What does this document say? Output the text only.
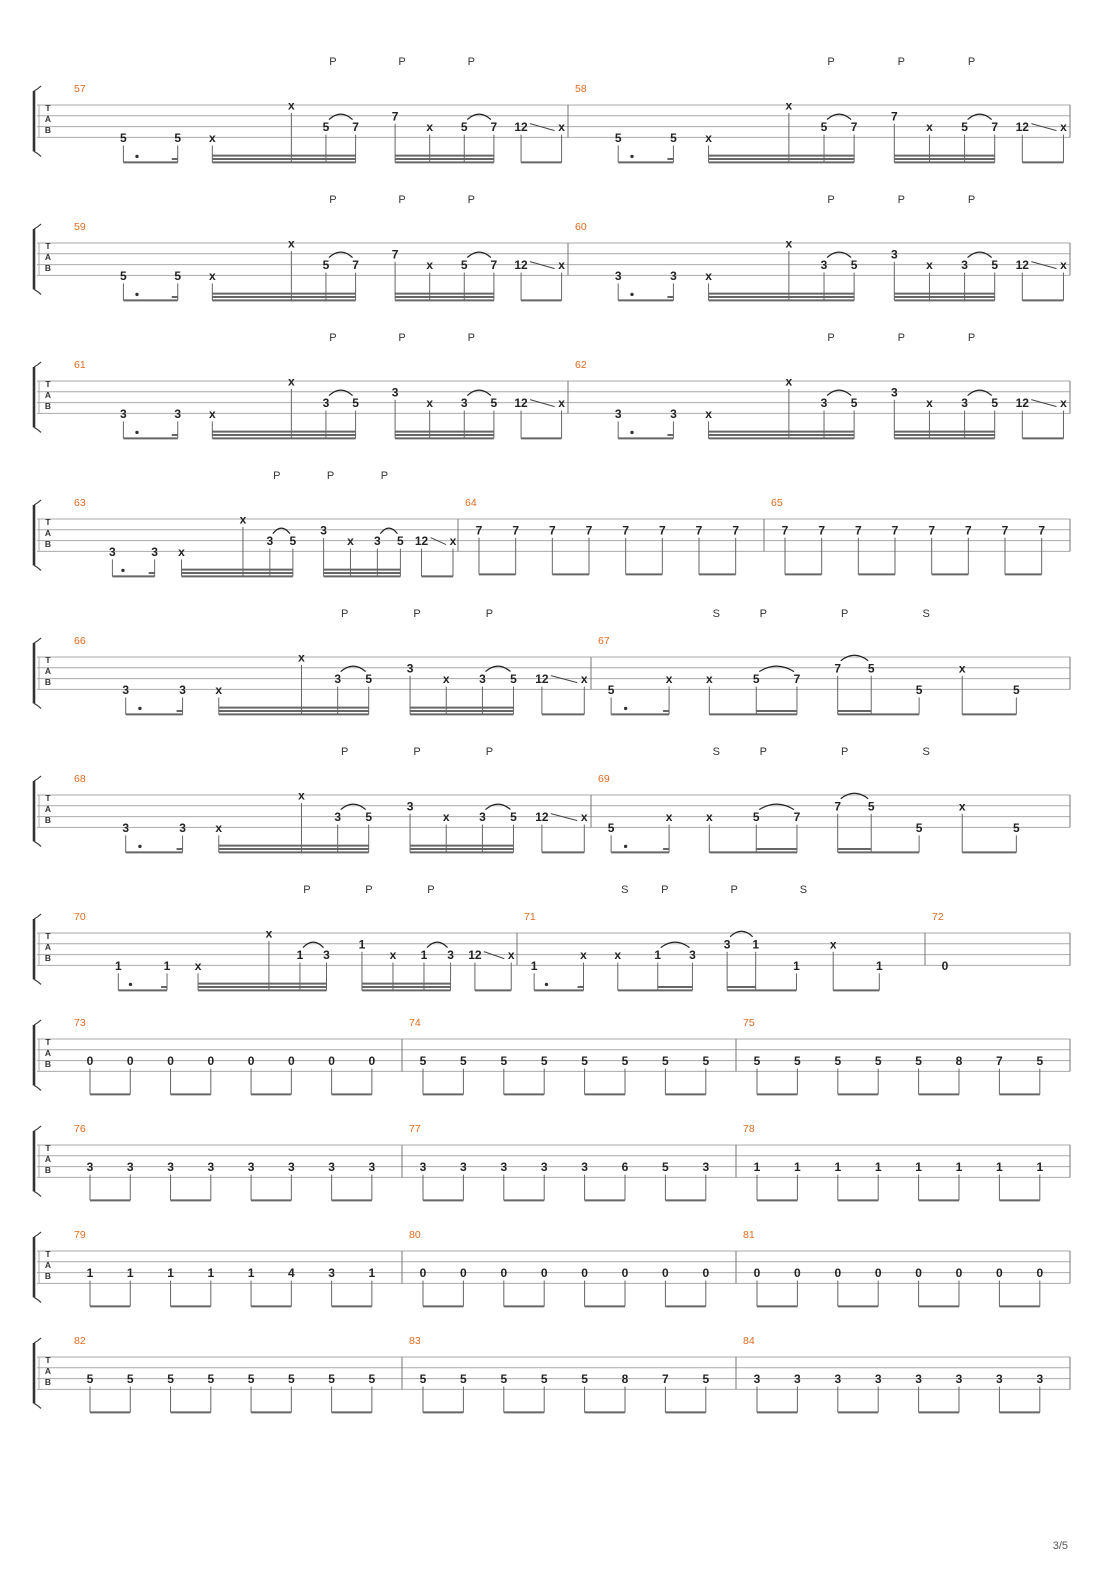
T
A
B
57
5	5 x
x
5
P
7
7
P
x 5
P
7 12	x
58
5	5 x
x
5
P
7
7
P
x 5
P
7 12	x
T
A
B
59
5	5 x
x
5
P
7
7
P
x 5
P
7 12	x
60
3	3 x
x
3
P
5
3
P
x 3
P
5 12	x
T
A
B
61
3	3 x
x
3
P
5
3
P
x 3
P
5 12	x
62
3	3 x
x
3
P
5
3
P
x 3
P
5 12	x
T
A
B
63
3	3 x
x
3
P
5
3
P
x 3
P
5 12 x
64
7 7 7 7 7 7 7 7
65
7 7 7 7 7 7 7 7
T
A
B
66
3	3 x
x
3
P
5
3
P
x 3
P
5 12	x
67
5
x	x
S
5
P
7
7
P
5
5
S
x
5
T
A
B
68
3	3 x
x
3
P
5
3
P
x 3
P
5 12	x
69
5
x	x
S
5
P
7
7
P
5
5
S
x
5
T
A
B
70
1	1 x
x
1
P
3
1
P
x 1
P
3 12 x
71
1
x x
S
1
P
3
3
P
1
1
S
x
1
72
0
T
A
B
73
0	0	0	0	0	0	0	0
74
5	5	5	5	5	5	5	5
75
5	5	5	5	5	8	7	5
T
A
B
76
3	3	3	3	3	3	3	3
77
3	3	3	3	3	6	5	3
78
1	1	1	1	1	1	1	1
T
A
B
79
1	1	1	1	1	4	3	1
80
0	0	0	0	0	0	0	0
81
0	0	0	0	0	0	0	0
T
A
B
82
5	5	5	5	5	5	5	5
83
5	5	5	5	5	8	7	5
84
3	3	3	3	3	3	3	3
3/5
